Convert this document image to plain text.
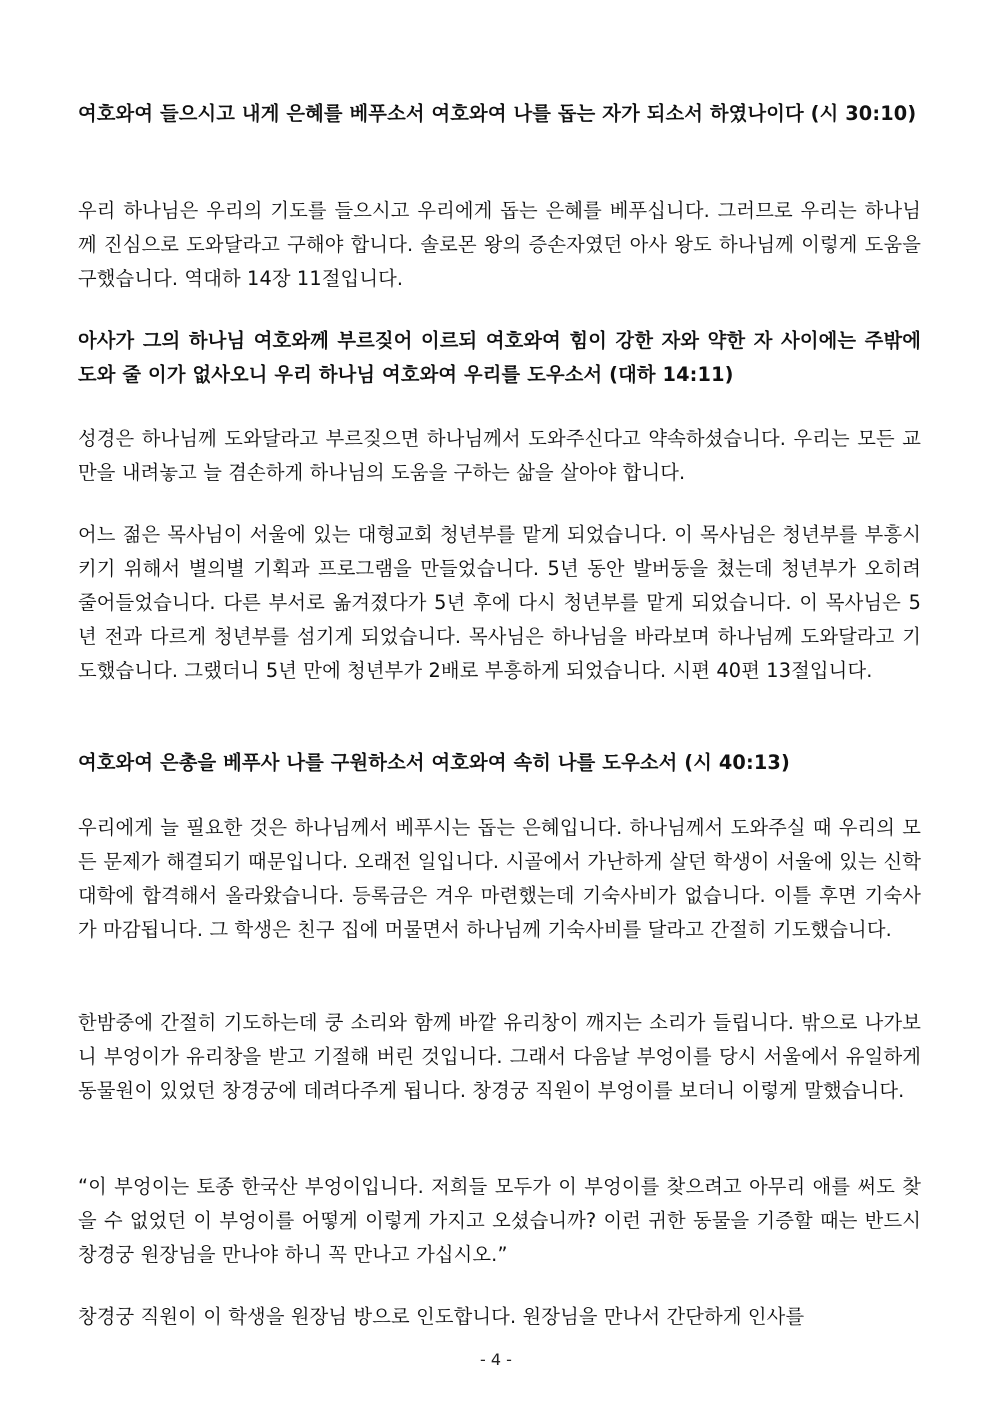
여호와여 들으시고 내게 은혜를 베푸소서 여호와여 나를 돕는 자가 되소서 하였나이다 (시 30:10)

우리 하나님은 우리의 기도를 들으시고 우리에게 돕는 은혜를 베푸십니다. 그러므로 우리는 하나님께 진심으로 도와달라고 구해야 합니다. 솔로몬 왕의 증손자였던 아사 왕도 하나님께 이렇게 도움을 구했습니다. 역대하 14장 11절입니다.

아사가 그의 하나님 여호와께 부르짖어 이르되 여호와여 힘이 강한 자와 약한 자 사이에는 주밖에 도와 줄 이가 없사오니 우리 하나님 여호와여 우리를 도우소서 (대하 14:11)

성경은 하나님께 도와달라고 부르짖으면 하나님께서 도와주신다고 약속하셨습니다. 우리는 모든 교만을 내려놓고 늘 겸손하게 하나님의 도움을 구하는 삶을 살아야 합니다.

어느 젊은 목사님이 서울에 있는 대형교회 청년부를 맡게 되었습니다. 이 목사님은 청년부를 부흥시키기 위해서 별의별 기획과 프로그램을 만들었습니다. 5년 동안 발버둥을 쳤는데 청년부가 오히려 줄어들었습니다. 다른 부서로 옮겨졌다가 5년 후에 다시 청년부를 맡게 되었습니다. 이 목사님은 5년 전과 다르게 청년부를 섬기게 되었습니다. 목사님은 하나님을 바라보며 하나님께 도와달라고 기도했습니다. 그랬더니 5년 만에 청년부가 2배로 부흥하게 되었습니다. 시편 40편 13절입니다.

여호와여 은총을 베푸사 나를 구원하소서 여호와여 속히 나를 도우소서 (시 40:13)

우리에게 늘 필요한 것은 하나님께서 베푸시는 돕는 은혜입니다. 하나님께서 도와주실 때 우리의 모든 문제가 해결되기 때문입니다. 오래전 일입니다. 시골에서 가난하게 살던 학생이 서울에 있는 신학대학에 합격해서 올라왔습니다. 등록금은 겨우 마련했는데 기숙사비가 없습니다. 이틀 후면 기숙사가 마감됩니다. 그 학생은 친구 집에 머물면서 하나님께 기숙사비를 달라고 간절히 기도했습니다.

한밤중에 간절히 기도하는데 쿵 소리와 함께 바깥 유리창이 깨지는 소리가 들립니다. 밖으로 나가보니 부엉이가 유리창을 받고 기절해 버린 것입니다. 그래서 다음날 부엉이를 당시 서울에서 유일하게 동물원이 있었던 창경궁에 데려다주게 됩니다. 창경궁 직원이 부엉이를 보더니 이렇게 말했습니다.

“이 부엉이는 토종 한국산 부엉이입니다. 저희들 모두가 이 부엉이를 찾으려고 아무리 애를 써도 찾을 수 없었던 이 부엉이를 어떻게 이렇게 가지고 오셨습니까? 이런 귀한 동물을 기증할 때는 반드시 창경궁 원장님을 만나야 하니 꼭 만나고 가십시오.”

창경궁 직원이 이 학생을 원장님 방으로 인도합니다. 원장님을 만나서 간단하게 인사를

- 4 -
